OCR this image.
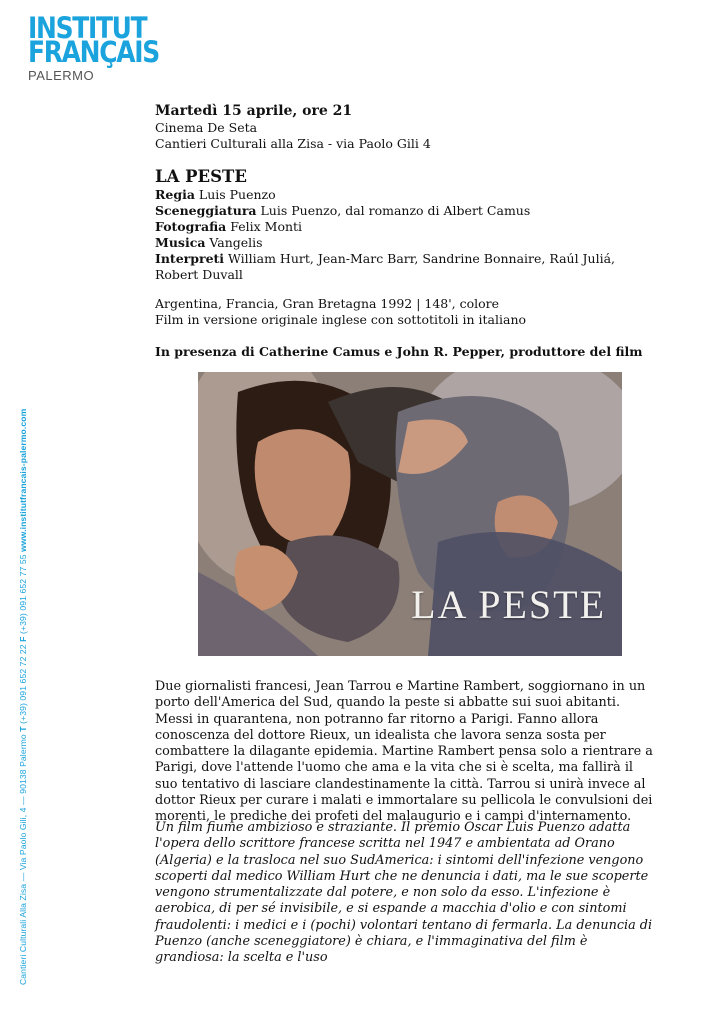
INSTITUT
FRANÇAIS
PALERMO
Cantieri Culturali Alla Zisa — Via Paolo Gili, 4 — 90138 Palermo T (+39) 091 652 72 22 F (+39) 091 652 77 55 www.institutfrancais-palermo.com
Martedì 15 aprile, ore 21
Cinema De Seta
Cantieri Culturali alla Zisa - via Paolo Gili 4
LA PESTE
Regia Luis Puenzo
Sceneggiatura Luis Puenzo, dal romanzo di Albert Camus
Fotografia Felix Monti
Musica Vangelis
Interpreti William Hurt, Jean-Marc Barr, Sandrine Bonnaire, Raúl Juliá, Robert Duvall
Argentina, Francia, Gran Bretagna 1992 | 148', colore
Film in versione originale inglese con sottotitoli in italiano
In presenza di Catherine Camus e John R. Pepper, produttore del film
LA PESTE
Due giornalisti francesi, Jean Tarrou e Martine Rambert, soggiornano in un porto dell'America del Sud, quando la peste si abbatte sui suoi abitanti. Messi in quarantena, non potranno far ritorno a Parigi. Fanno allora conoscenza del dottore Rieux, un idealista che lavora senza sosta per combattere la dilagante epidemia. Martine Rambert pensa solo a rientrare a Parigi, dove l'attende l'uomo che ama e la vita che si è scelta, ma fallirà il suo tentativo di lasciare clandestinamente la città. Tarrou si unirà invece al dottor Rieux per curare i malati e immortalare su pellicola le convulsioni dei morenti, le prediche dei profeti del malaugurio e i campi d'internamento.
Un film fiume ambizioso e straziante. Il premio Oscar Luis Puenzo adatta l'opera dello scrittore francese scritta nel 1947 e ambientata ad Orano (Algeria) e la trasloca nel suo SudAmerica: i sintomi dell'infezione vengono scoperti dal medico William Hurt che ne denuncia i dati, ma le sue scoperte vengono strumentalizzate dal potere, e non solo da esso. L'infezione è aerobica, di per sé invisibile, e si espande a macchia d'olio e con sintomi fraudolenti: i medici e i (pochi) volontari tentano di fermarla. La denuncia di Puenzo (anche sceneggiatore) è chiara, e l'immaginativa del film è grandiosa: la scelta e l'uso
